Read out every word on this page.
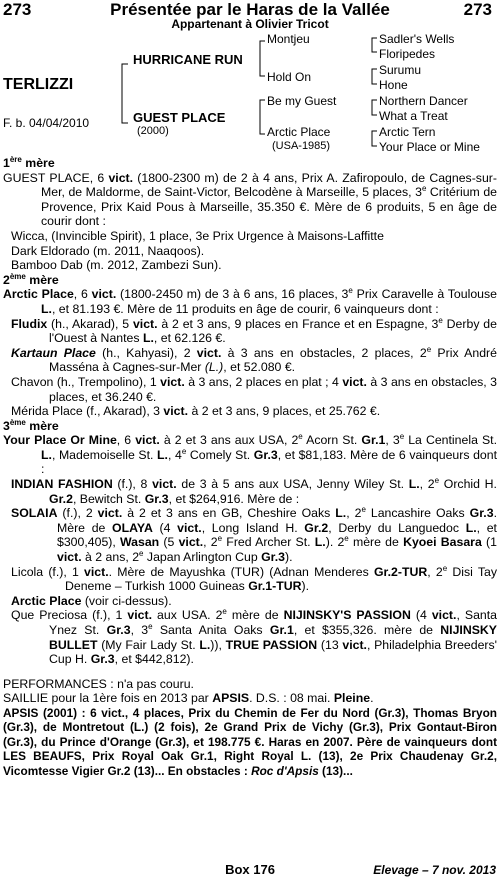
273	Présentée par le Haras de la Vallée	273
Appartenant à Olivier Tricot
TERLIZZI
F. b. 04/04/2010
HURRICANE RUN
GUEST PLACE
(2000)
Montjeu
Hold On
Be my Guest
Arctic Place
(USA-1985)
Sadler's Wells
Floripedes
Surumu
Hone
Northern Dancer
What a Treat
Arctic Tern
Your Place or Mine

1ère mère

GUEST PLACE, 6 vict. (1800-2300 m) de 2 à 4 ans, Prix A. Zafiropoulo, de Cagnes-sur-Mer, de Maldorme, de Saint-Victor, Belcodène à Marseille, 5 places, 3e Critérium de Provence, Prix Kaid Pous à Marseille, 35.350 €. Mère de 6 produits, 5 en âge de courir dont :

Wicca, (Invincible Spirit), 1 place, 3e Prix Urgence à Maisons-Laffitte

Dark Eldorado (m. 2011, Naaqoos).

Bamboo Dab (m. 2012, Zambezi Sun).

2ème mère

Arctic Place, 6 vict. (1800-2450 m) de 3 à 6 ans, 16 places, 3e Prix Caravelle à Toulouse L., et 81.193 €. Mère de 11 produits en âge de courir, 6 vainqueurs dont :

Fludix (h., Akarad), 5 vict. à 2 et 3 ans, 9 places en France et en Espagne, 3e Derby de l'Ouest à Nantes L., et 62.126 €.

Kartaun Place (h., Kahyasi), 2 vict. à 3 ans en obstacles, 2 places, 2e Prix André Masséna à Cagnes-sur-Mer (L.), et 52.080 €.

Chavon (h., Trempolino), 1 vict. à 3 ans, 2 places en plat ; 4 vict. à 3 ans en obstacles, 3 places, et 36.240 €.

Mérida Place (f., Akarad), 3 vict. à 2 et 3 ans, 9 places, et 25.762 €.

3ème mère

Your Place Or Mine, 6 vict. à 2 et 3 ans aux USA, 2e Acorn St. Gr.1, 3e La Centinela St. L., Mademoiselle St. L., 4e Comely St. Gr.3, et $81,183. Mère de 6 vainqueurs dont :

INDIAN FASHION (f.), 8 vict. de 3 à 5 ans aux USA, Jenny Wiley St. L., 2e Orchid H. Gr.2, Bewitch St. Gr.3, et $264,916. Mère de :

SOLAIA (f.), 2 vict. à 2 et 3 ans en GB, Cheshire Oaks L., 2e Lancashire Oaks Gr.3. Mère de OLAYA (4 vict., Long Island H. Gr.2, Derby du Languedoc L., et $300,405), Wasan (5 vict., 2e Fred Archer St. L.). 2e mère de Kyoei Basara (1 vict. à 2 ans, 2e Japan Arlington Cup Gr.3).

Licola (f.), 1 vict.. Mère de Mayushka (TUR) (Adnan Menderes Gr.2-TUR, 2e Disi Tay Deneme – Turkish 1000 Guineas Gr.1-TUR).

Arctic Place (voir ci-dessus).

Que Preciosa (f.), 1 vict. aux USA. 2e mère de NIJINSKY'S PASSION (4 vict., Santa Ynez St. Gr.3, 3e Santa Anita Oaks Gr.1, et $355,326. mère de NIJINSKY BULLET (My Fair Lady St. L.)), TRUE PASSION (13 vict., Philadelphia Breeders' Cup H. Gr.3, et $442,812).

PERFORMANCES : n'a pas couru.

SAILLIE pour la 1ère fois en 2013 par APSIS. D.S. : 08 mai. Pleine.

APSIS (2001) : 6 vict., 4 places, Prix du Chemin de Fer du Nord (Gr.3), Thomas Bryon (Gr.3), de Montretout (L.) (2 fois), 2e Grand Prix de Vichy (Gr.3), Prix Gontaut-Biron (Gr.3), du Prince d'Orange (Gr.3), et 198.775 €. Haras en 2007. Père de vainqueurs dont LES BEAUFS, Prix Royal Oak Gr.1, Right Royal L. (13), 2e Prix Chaudenay Gr.2, Vicomtesse Vigier Gr.2 (13)... En obstacles : Roc d'Apsis (13)...

Box 176	Elevage – 7 nov. 2013
